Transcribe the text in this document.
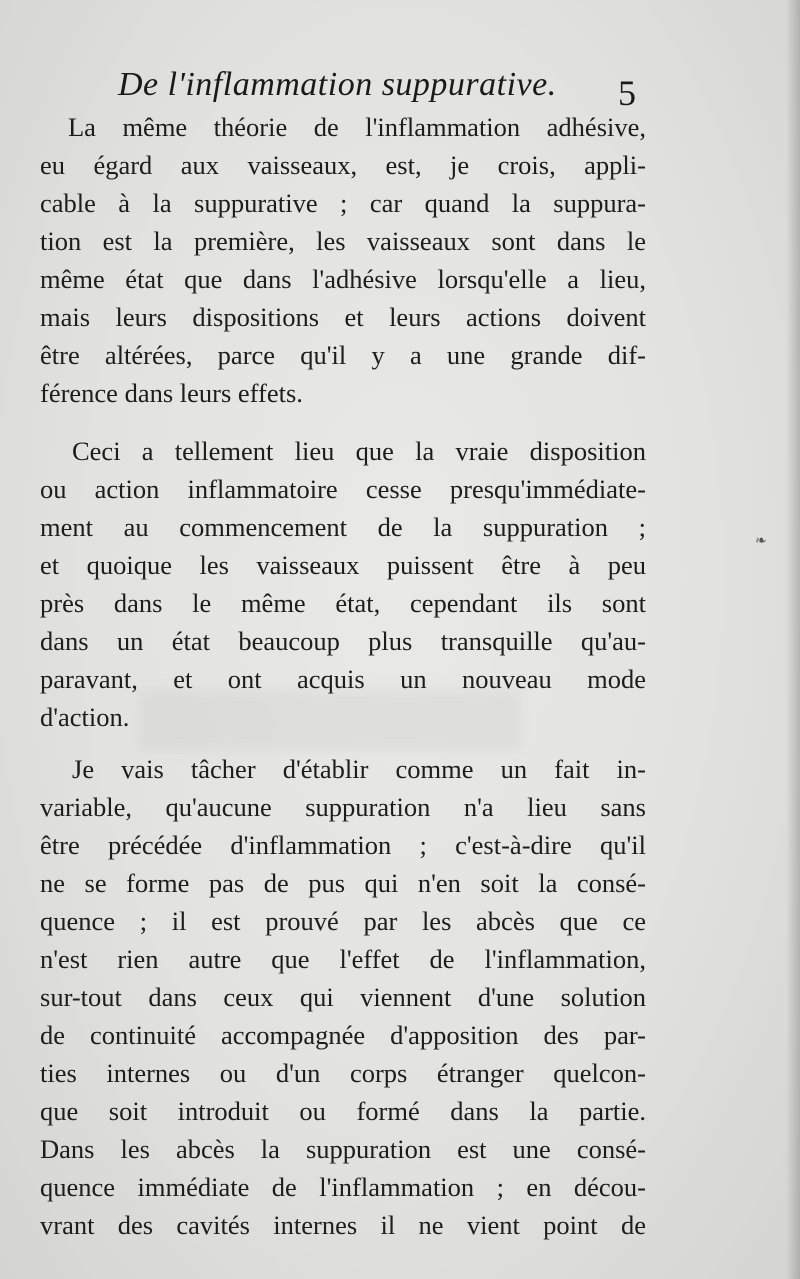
De l'inflammation suppurative. 5
La même théorie de l'inflammation adhésive,
eu égard aux vaisseaux, est, je crois, appli-
cable à la suppurative ; car quand la suppura-
tion est la première, les vaisseaux sont dans le
même état que dans l'adhésive lorsqu'elle a lieu,
mais leurs dispositions et leurs actions doivent
être altérées, parce qu'il y a une grande dif-
férence dans leurs effets.
Ceci a tellement lieu que la vraie disposition
ou action inflammatoire cesse presqu'immédiate-
ment au commencement de la suppuration ;
et quoique les vaisseaux puissent être à peu
près dans le même état, cependant ils sont
dans un état beaucoup plus transquille qu'au-
paravant, et ont acquis un nouveau mode
d'action.
Je vais tâcher d'établir comme un fait in-
variable, qu'aucune suppuration n'a lieu sans
être précédée d'inflammation ; c'est-à-dire qu'il
ne se forme pas de pus qui n'en soit la consé-
quence ; il est prouvé par les abcès que ce
n'est rien autre que l'effet de l'inflammation,
sur-tout dans ceux qui viennent d'une solution
de continuité accompagnée d'apposition des par-
ties internes ou d'un corps étranger quelcon-
que soit introduit ou formé dans la partie.
Dans les abcès la suppuration est une consé-
quence immédiate de l'inflammation ; en décou-
vrant des cavités internes il ne vient point de
❧
